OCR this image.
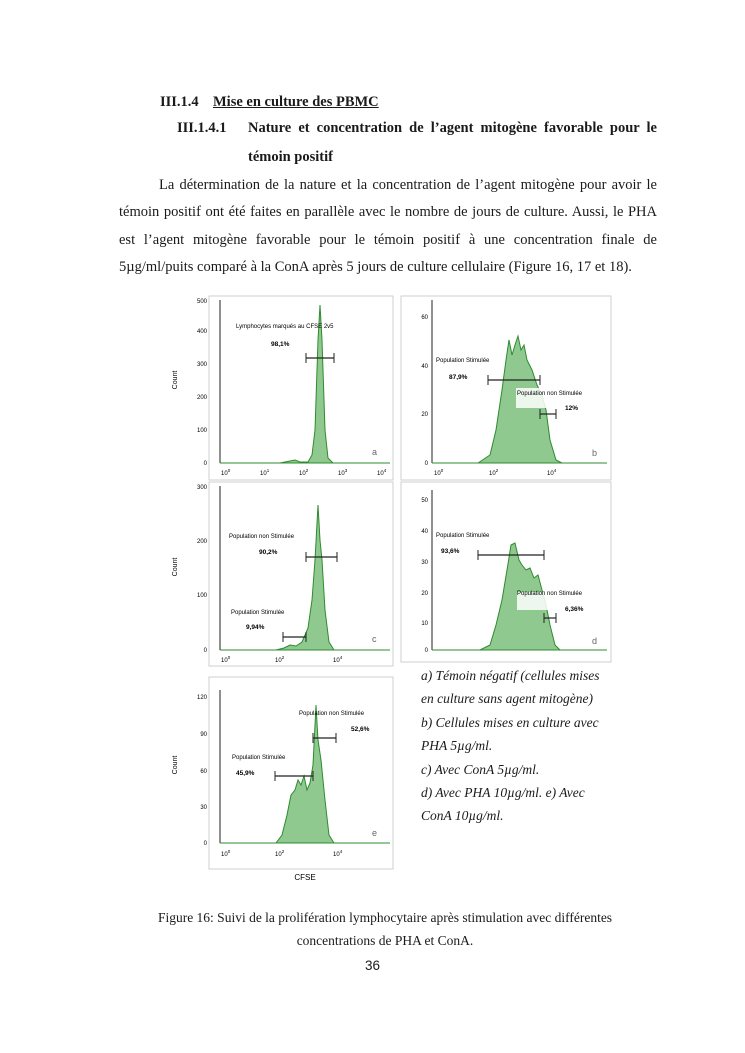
III.1.4 Mise en culture des PBMC
III.1.4.1 Nature et concentration de l’agent mitogène favorable pour le
témoin positif
La détermination de la nature et la concentration de l’agent mitogène pour avoir le témoin positif ont été faites en parallèle avec le nombre de jours de culture. Aussi, le PHA est l’agent mitogène favorable pour le témoin positif à une concentration finale de 5µg/ml/puits comparé à la ConA après 5 jours de culture cellulaire (Figure 16, 17 et 18).
0
100
200
300
400
500
Count
$10^0$
$10^1$
$10^2$
$10^3$
$10^4$
Lymphocytes marqués au CFSE 2v5
98,1%
a
0
20
40
60
$10^0$
$10^2$
$10^4$
Population Stimulée
87,9%
Population non Stimulée
12%
b
0
100
200
300
Count
$10^0$
$10^2$
$10^4$
Population non Stimulée
90,2%
Population Stimulée
9,94%
c
0
10
20
30
40
50
Population Stimulée
93,6%
Population non Stimulée
6,36%
d
0
30
60
90
120
Count
$10^0$
$10^2$
$10^4$
CFSE
Population non Stimulée
52,6%
Population Stimulée
45,9%
e
a) Témoin négatif (cellules mises
en culture sans agent mitogène)
b) Cellules mises en culture avec
PHA 5µg/ml.
c) Avec ConA 5µg/ml.
d) Avec PHA 10µg/ml. e) Avec
ConA 10µg/ml.
Figure 16: Suivi de la prolifération lymphocytaire après stimulation avec différentes
concentrations de PHA et ConA.
36
